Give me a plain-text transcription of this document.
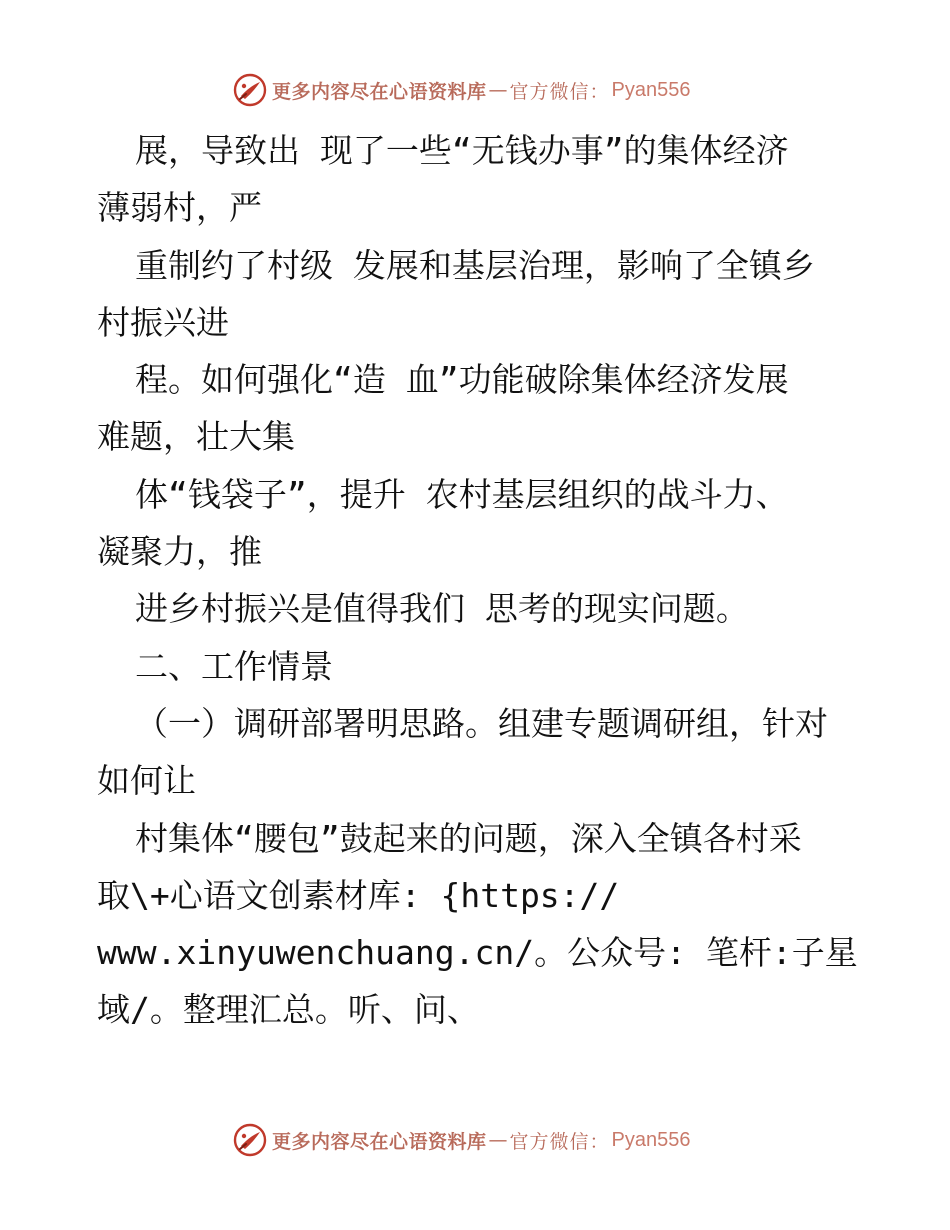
更多内容尽在心语资料库 — 官方微信： Pyan556
展，导致出 现了一些“无钱办事”的集体经济
薄弱村，严
重制约了村级 发展和基层治理，影响了全镇乡
村振兴进
程。如何强化“造 血”功能破除集体经济发展
难题，壮大集
体“钱袋子”，提升 农村基层组织的战斗力、
凝聚力，推
进乡村振兴是值得我们 思考的现实问题。
二、工作情景
（一）调研部署明思路。组建专题调研组，针对
如何让
村集体“腰包”鼓起来的问题，深入全镇各村采
取\+心语文创素材库: {https://
www.xinyuwenchuang.cn/。公众号: 笔杆:子星
域/。整理汇总。听、问、
更多内容尽在心语资料库 — 官方微信： Pyan556
